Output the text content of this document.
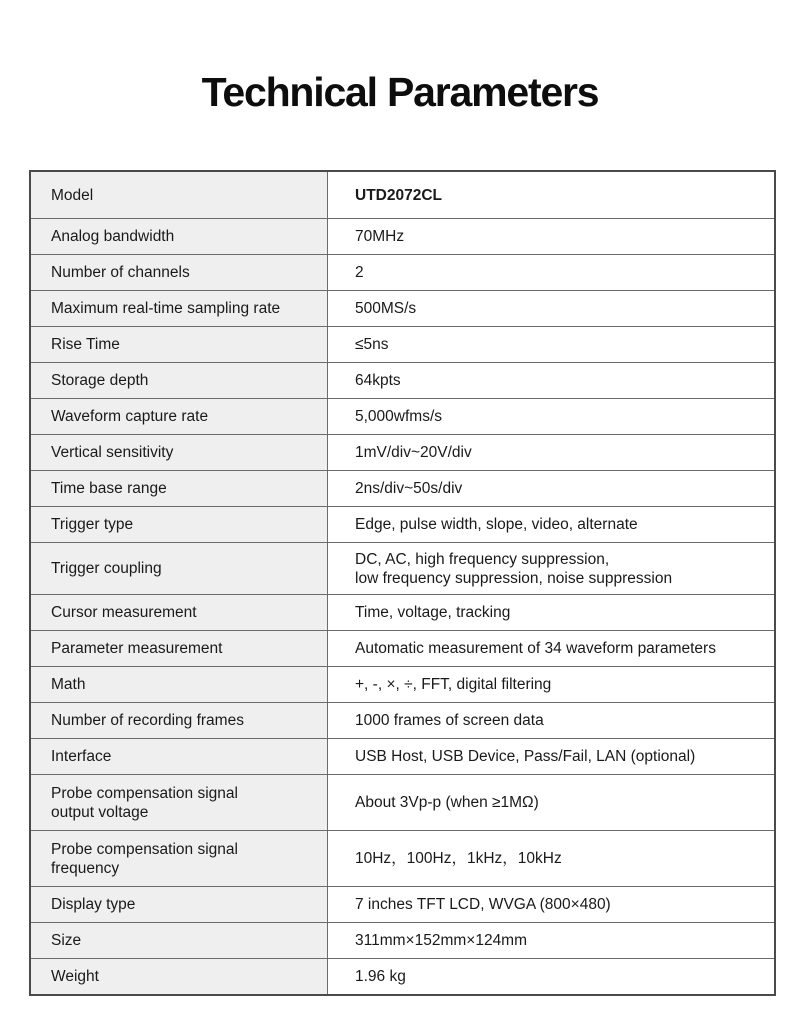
Technical Parameters
Model	UTD2072CL
Analog bandwidth	70MHz
Number of channels	2
Maximum real-time sampling rate	500MS/s
Rise Time	≤5ns
Storage depth	64kpts
Waveform capture rate	5,000wfms/s
Vertical sensitivity	1mV/div~20V/div
Time base range	2ns/div~50s/div
Trigger type	Edge, pulse width, slope, video, alternate
Trigger coupling	DC, AC, high frequency suppression,
low frequency suppression, noise suppression
Cursor measurement	Time, voltage, tracking
Parameter measurement	Automatic measurement of 34 waveform parameters
Math	+, -, ×, ÷, FFT, digital filtering
Number of recording frames	1000 frames of screen data
Interface	USB Host, USB Device, Pass/Fail, LAN (optional)
Probe compensation signal
output voltage	About 3Vp-p (when ≥1MΩ)
Probe compensation signal
frequency	10Hz，100Hz，1kHz，10kHz
Display type	7 inches TFT LCD, WVGA (800×480)
Size	311mm×152mm×124mm
Weight	1.96 kg
